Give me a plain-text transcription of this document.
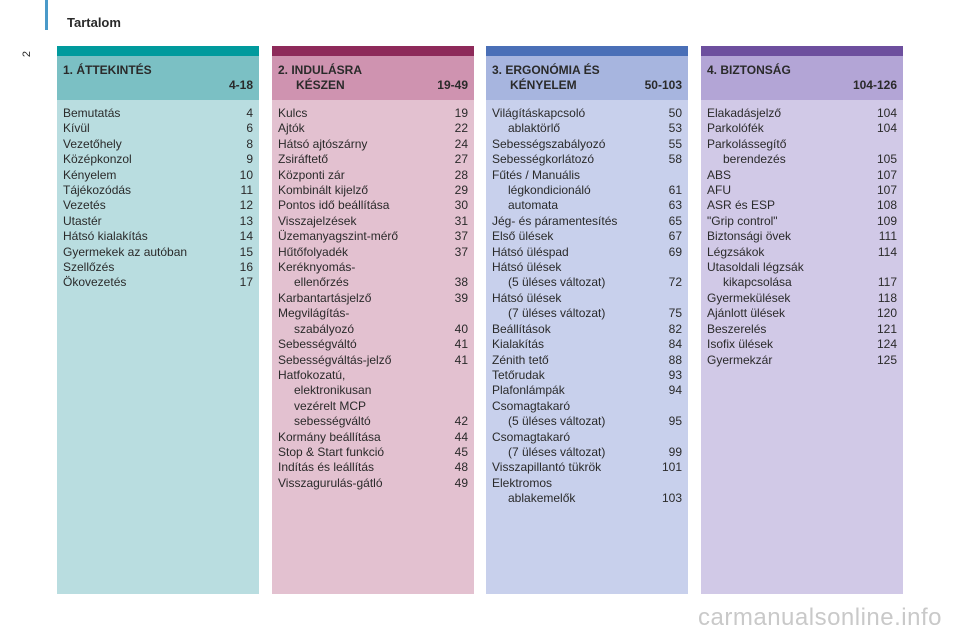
2
Tartalom
1. ÁTTEKINTÉS
4-18
Bemutatás	4
Kívül	6
Vezetőhely	8
Középkonzol	9
Kényelem	10
Tájékozódás	11
Vezetés	12
Utastér	13
Hátsó kialakítás	14
Gyermekek az autóban	15
Szellőzés	16
Ökovezetés	17
2. INDULÁSRA
KÉSZEN	19-49
Kulcs	19
Ajtók	22
Hátsó ajtószárny	24
Zsiráftető	27
Központi zár	28
Kombinált kijelző	29
Pontos idő beállítása	30
Visszajelzések	31
Üzemanyagszint-mérő	37
Hűtőfolyadék	37
Keréknyomás-
ellenőrzés	38
Karbantartásjelző	39
Megvilágítás-
szabályozó	40
Sebességváltó	41
Sebességváltás-jelző	41
Hatfokozatú,
elektronikusan
vezérelt MCP
sebességváltó	42
Kormány beállítása	44
Stop & Start funkció	45
Indítás és leállítás	48
Visszagurulás-gátló	49
3. ERGONÓMIA ÉS
KÉNYELEM	50-103
Világításkapcsoló	50
ablaktörlő	53
Sebességszabályozó	55
Sebességkorlátozó	58
Fűtés / Manuális
légkondicionáló	61
automata	63
Jég- és páramentesítés	65
Első ülések	67
Hátsó üléspad	69
Hátsó ülések
(5 üléses változat)	72
Hátsó ülések
(7 üléses változat)	75
Beállítások	82
Kialakítás	84
Zénith tető	88
Tetőrudak	93
Plafonlámpák	94
Csomagtakaró
(5 üléses változat)	95
Csomagtakaró
(7 üléses változat)	99
Visszapillantó tükrök	101
Elektromos
ablakemelők	103
4. BIZTONSÁG
104-126
Elakadásjelző	104
Parkolófék	104
Parkolássegítő
berendezés	105
ABS	107
AFU	107
ASR és ESP	108
"Grip control"	109
Biztonsági övek	111
Légzsákok	114
Utasoldali légzsák
kikapcsolása	117
Gyermekülések	118
Ajánlott ülések	120
Beszerelés	121
Isofix ülések	124
Gyermekzár	125
carmanualsonline.info
